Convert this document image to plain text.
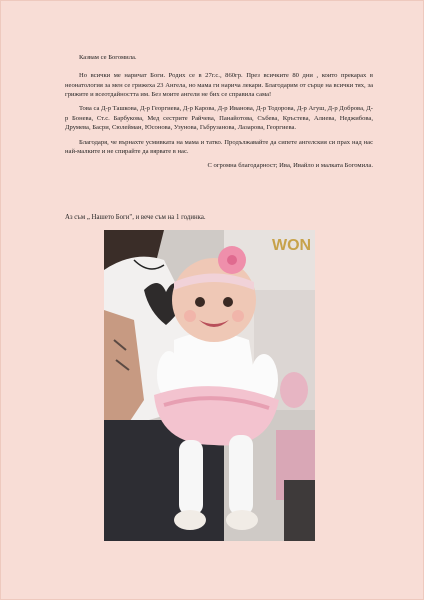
Казвам се Богомила.

Но всички ме наричат Боги. Родих се в 27г.с., 860гр. През всичките 80 дни , които прекарах в неонатология за мен се грижеха 23 Ангела, но мама ги нарича лекари. Благодарим от сърце на всички тях, за грижите и всеотдайността им. Без моите ангели не бих се справила сама!

Това са Д-р Ташкова, Д-р Георгиева, Д-р Карова, Д-р Иванова, Д-р Тодорова, Д-р Агуш, Д-р Доброва, Д-р Бонева, Ст.с. Барбукова, Мед сестрите Райчева, Панайотова, Събева, Кръстева, Алиева, Неджибова, Друмева, Басри, Сюлейман, Юсонова, Узунова, Гьбрузанова, Лазарова, Георгиева.

Благодаря, че върнахте усмивката на мама и татко. Продължавайте да сипете ангелския си прах над нас най-малките и не спирайте да вярвате в нас.

С огромна благодарност; Ива, Ивайло и малката Богомила.

Аз съм „ Нашето Боги", и вече съм на 1 годинка.
WON
